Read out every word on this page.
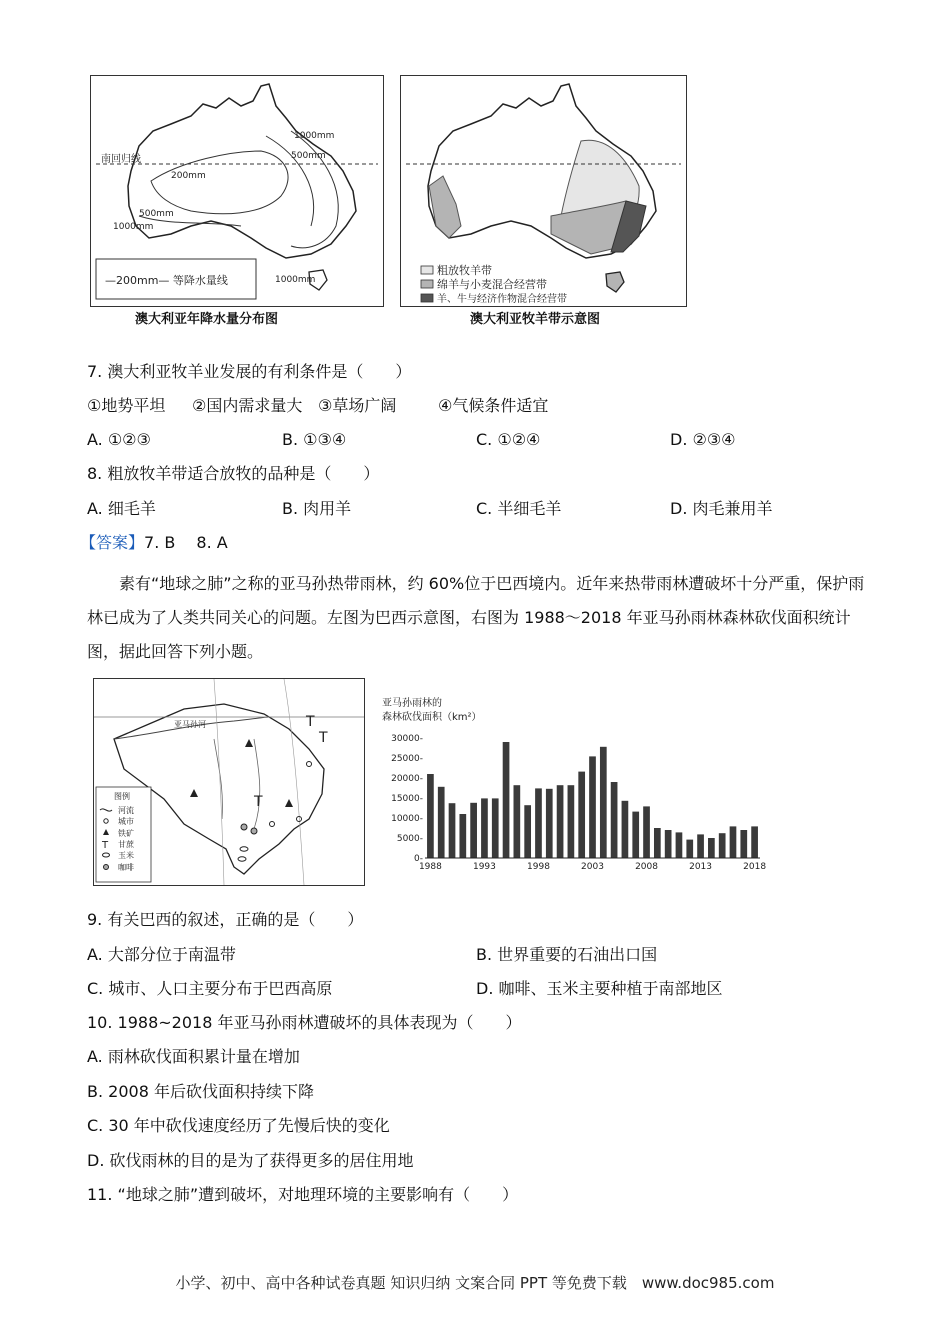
南回归线
1000mm
500mm
200mm
500mm
1000mm
1000mm
—200mm— 等降水量线
澳大利亚年降水量分布图
粗放牧羊带
绵羊与小麦混合经营带
羊、牛与经济作物混合经营带
澳大利亚牧羊带示意图
7. 澳大利亚牧羊业发展的有利条件是（　　）
①地势平坦 ②国内需求量大 ③草场广阔	④气候条件适宜
A. ①②③	B. ①③④	C. ①②④	D. ②③④
8. 粗放牧羊带适合放牧的品种是（　　）
A. 细毛羊	B. 肉用羊	C. 半细毛羊	D. 肉毛兼用羊
【答案】7. B　 8. A
素有“地球之肺”之称的亚马孙热带雨林，约 60%位于巴西境内。近年来热带雨林遭破坏十分严重，保护雨林已成为了人类共同关心的问题。左图为巴西示意图，右图为 1988～2018 年亚马孙雨林森林砍伐面积统计图，据此回答下列小题。
亚马孙河	T
T
T
图例
河流
城市
铁矿
T 甘蔗
玉米
咖啡
亚马孙雨林的
森林砍伐面积（km²）
30000-
25000-
20000-
15000-
10000-
5000-
0-
1988	1993	1998	2003	2008	2013	2018
9. 有关巴西的叙述，正确的是（　　）
A. 大部分位于南温带	B. 世界重要的石油出口国
C. 城市、人口主要分布于巴西高原	D. 咖啡、玉米主要种植于南部地区
10. 1988~2018 年亚马孙雨林遭破坏的具体表现为（　　）
A. 雨林砍伐面积累计量在增加
B. 2008 年后砍伐面积持续下降
C. 30 年中砍伐速度经历了先慢后快的变化
D. 砍伐雨林的目的是为了获得更多的居住用地
11. “地球之肺”遭到破坏，对地理环境的主要影响有（　　）
小学、初中、高中各种试卷真题 知识归纳 文案合同 PPT 等免费下载　www.doc985.com
